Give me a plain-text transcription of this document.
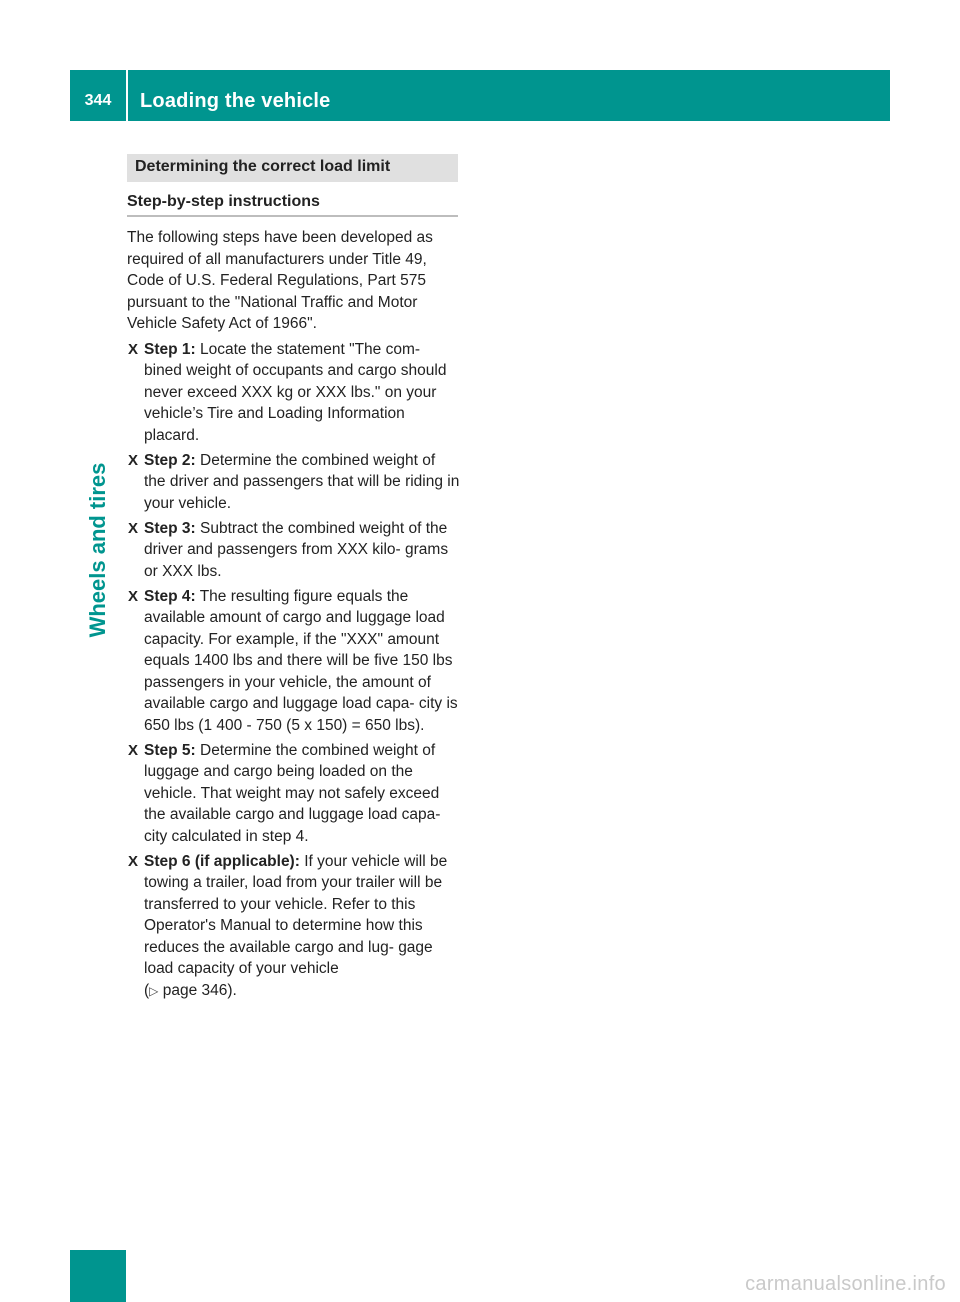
344	Loading the vehicle
Wheels and tires
Determining the correct load limit
Step-by-step instructions

The following steps have been developed as required of all manufacturers under Title 49, Code of U.S. Federal Regulations, Part 575 pursuant to the "National Traffic and Motor Vehicle Safety Act of 1966".

X Step 1: Locate the statement "The com- bined weight of occupants and cargo should never exceed XXX kg or XXX lbs." on your vehicle’s Tire and Loading Information placard.
X Step 2: Determine the combined weight of the driver and passengers that will be riding in your vehicle.
X Step 3: Subtract the combined weight of the driver and passengers from XXX kilo- grams or XXX lbs.
X Step 4: The resulting figure equals the available amount of cargo and luggage load capacity. For example, if the "XXX" amount equals 1400 lbs and there will be five 150 lbs passengers in your vehicle, the amount of available cargo and luggage load capa- city is 650 lbs (1 400 - 750 (5 x 150) = 650 lbs).
X Step 5: Determine the combined weight of luggage and cargo being loaded on the vehicle. That weight may not safely exceed the available cargo and luggage load capa- city calculated in step 4.
X Step 6 (if applicable): If your vehicle will be towing a trailer, load from your trailer will be transferred to your vehicle. Refer to this Operator's Manual to determine how this reduces the available cargo and lug- gage load capacity of your vehicle
(▷ page 346).
carmanualsonline.info
